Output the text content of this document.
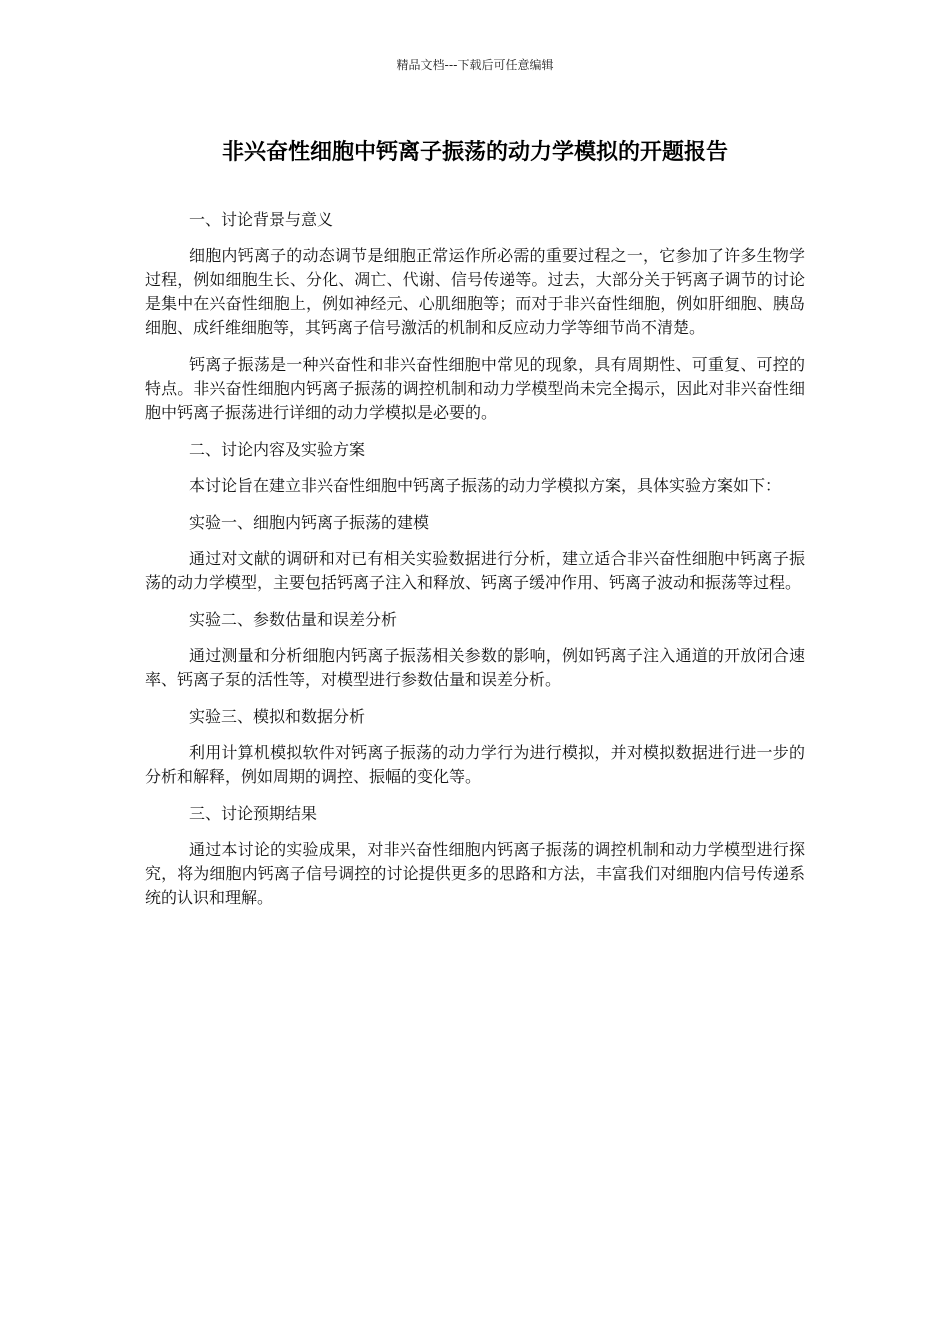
精品文档---下载后可任意编辑
非兴奋性细胞中钙离子振荡的动力学模拟的开题报告

一、讨论背景与意义

细胞内钙离子的动态调节是细胞正常运作所必需的重要过程之一，它参加了许多生物学过程，例如细胞生长、分化、凋亡、代谢、信号传递等。过去，大部分关于钙离子调节的讨论是集中在兴奋性细胞上，例如神经元、心肌细胞等；而对于非兴奋性细胞，例如肝细胞、胰岛细胞、成纤维细胞等，其钙离子信号激活的机制和反应动力学等细节尚不清楚。

钙离子振荡是一种兴奋性和非兴奋性细胞中常见的现象，具有周期性、可重复、可控的特点。非兴奋性细胞内钙离子振荡的调控机制和动力学模型尚未完全揭示，因此对非兴奋性细胞中钙离子振荡进行详细的动力学模拟是必要的。

二、讨论内容及实验方案

本讨论旨在建立非兴奋性细胞中钙离子振荡的动力学模拟方案，具体实验方案如下：

实验一、细胞内钙离子振荡的建模

通过对文献的调研和对已有相关实验数据进行分析，建立适合非兴奋性细胞中钙离子振荡的动力学模型，主要包括钙离子注入和释放、钙离子缓冲作用、钙离子波动和振荡等过程。

实验二、参数估量和误差分析

通过测量和分析细胞内钙离子振荡相关参数的影响，例如钙离子注入通道的开放闭合速率、钙离子泵的活性等，对模型进行参数估量和误差分析。

实验三、模拟和数据分析

利用计算机模拟软件对钙离子振荡的动力学行为进行模拟，并对模拟数据进行进一步的分析和解释，例如周期的调控、振幅的变化等。

三、讨论预期结果

通过本讨论的实验成果，对非兴奋性细胞内钙离子振荡的调控机制和动力学模型进行探究，将为细胞内钙离子信号调控的讨论提供更多的思路和方法，丰富我们对细胞内信号传递系统的认识和理解。
